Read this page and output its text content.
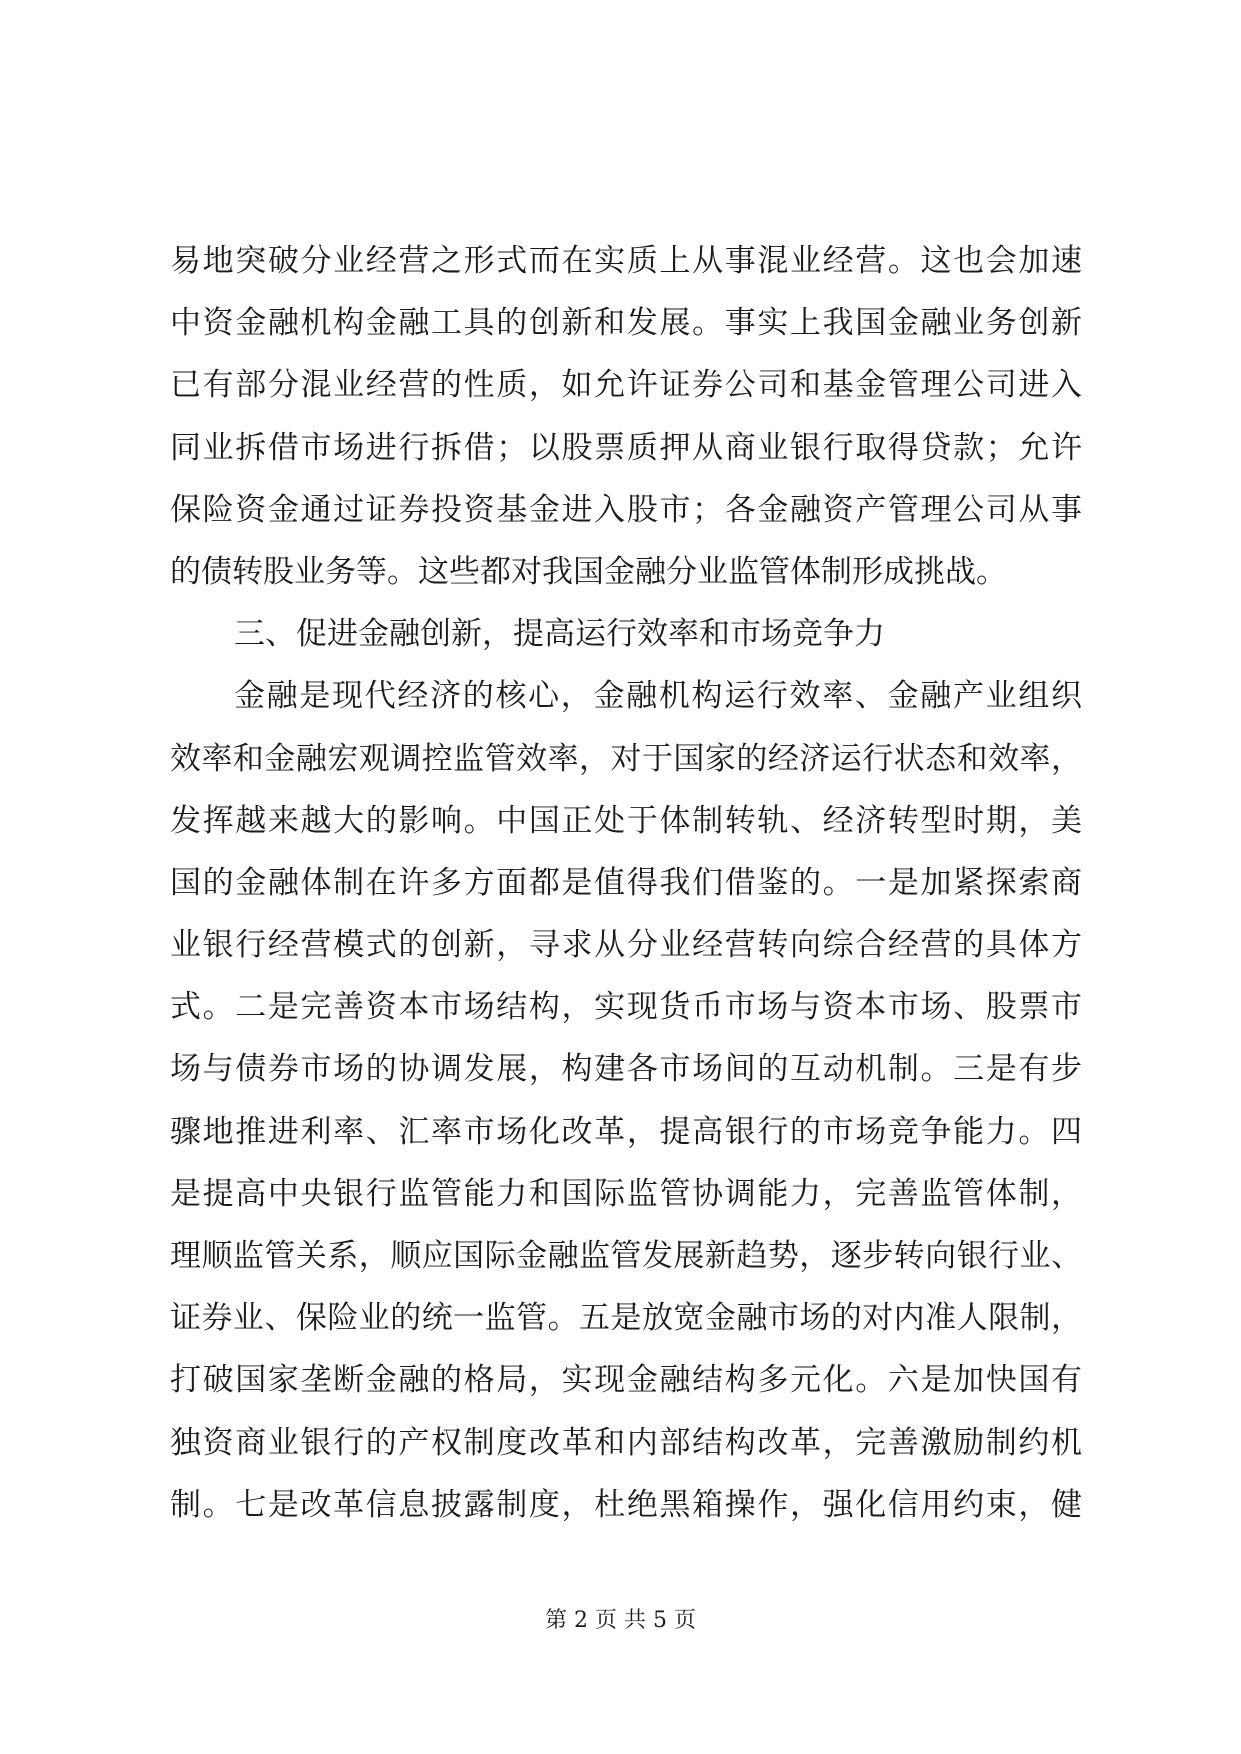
易地突破分业经营之形式而在实质上从事混业经营。这也会加速
中资金融机构金融工具的创新和发展。事实上我国金融业务创新
已有部分混业经营的性质，如允许证券公司和基金管理公司进入
同业拆借市场进行拆借；以股票质押从商业银行取得贷款；允许
保险资金通过证券投资基金进入股市；各金融资产管理公司从事
的债转股业务等。这些都对我国金融分业监管体制形成挑战。
三、促进金融创新，提高运行效率和市场竞争力
金融是现代经济的核心，金融机构运行效率、金融产业组织
效率和金融宏观调控监管效率，对于国家的经济运行状态和效率，
发挥越来越大的影响。中国正处于体制转轨、经济转型时期，美
国的金融体制在许多方面都是值得我们借鉴的。一是加紧探索商
业银行经营模式的创新，寻求从分业经营转向综合经营的具体方
式。二是完善资本市场结构，实现货币市场与资本市场、股票市
场与债券市场的协调发展，构建各市场间的互动机制。三是有步
骤地推进利率、汇率市场化改革，提高银行的市场竞争能力。四
是提高中央银行监管能力和国际监管协调能力，完善监管体制，
理顺监管关系，顺应国际金融监管发展新趋势，逐步转向银行业、
证券业、保险业的统一监管。五是放宽金融市场的对内准人限制，
打破国家垄断金融的格局，实现金融结构多元化。六是加快国有
独资商业银行的产权制度改革和内部结构改革，完善激励制约机
制。七是改革信息披露制度，杜绝黑箱操作，强化信用约束，健
第 2 页 共 5 页
